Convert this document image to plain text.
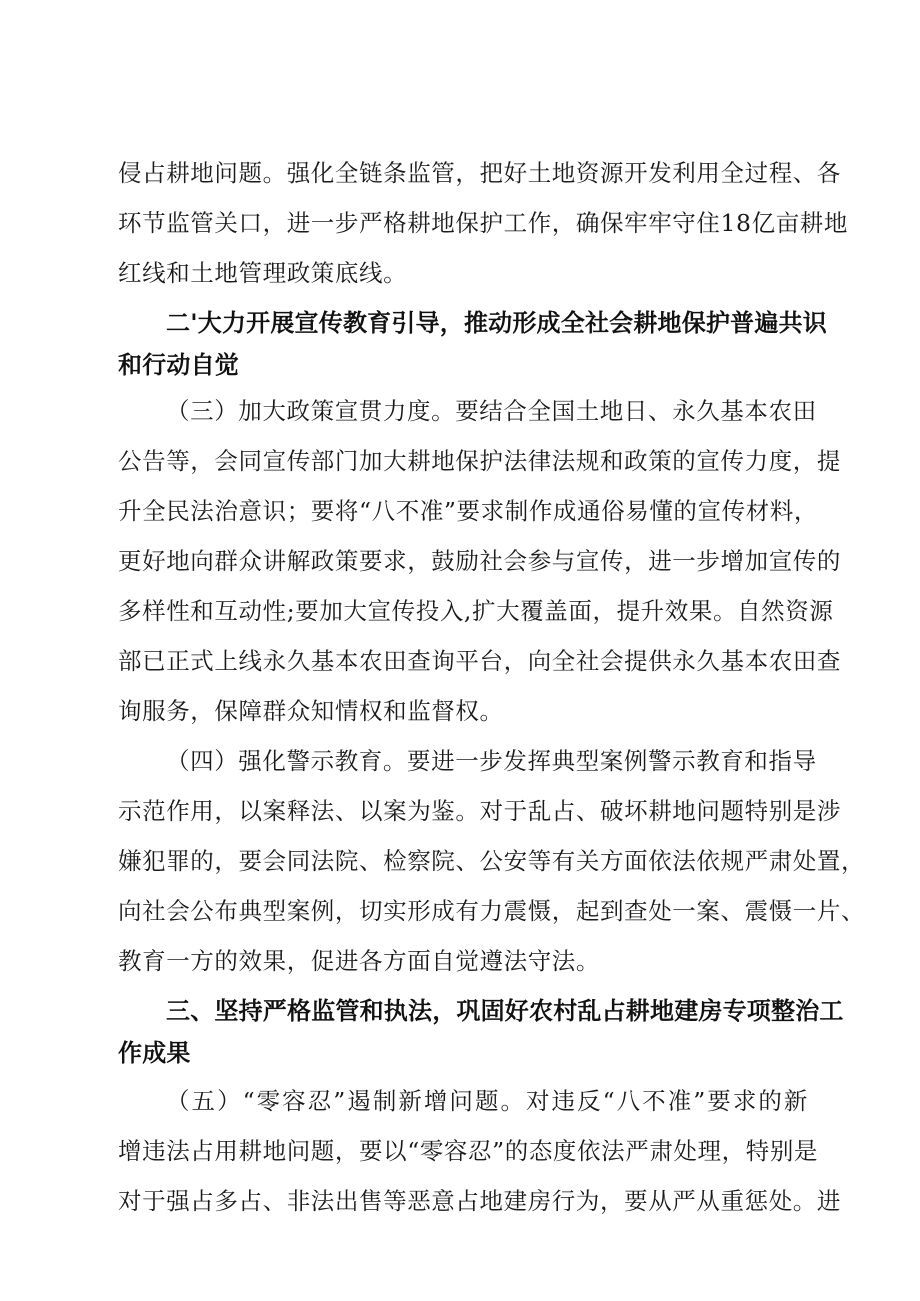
侵占耕地问题。强化全链条监管，把好土地资源开发利用全过程、各
环节监管关口，进一步严格耕地保护工作，确保牢牢守住18亿亩耕地
红线和土地管理政策底线。
二'大力开展宣传教育引导，推动形成全社会耕地保护普遍共识
和行动自觉
（三）加大政策宣贯力度。要结合全国土地日、永久基本农田
公告等，会同宣传部门加大耕地保护法律法规和政策的宣传力度，提
升全民法治意识；要将“八不准”要求制作成通俗易懂的宣传材料，
更好地向群众讲解政策要求，鼓励社会参与宣传，进一步增加宣传的
多样性和互动性;要加大宣传投入,扩大覆盖面，提升效果。自然资源
部已正式上线永久基本农田查询平台，向全社会提供永久基本农田查
询服务，保障群众知情权和监督权。
（四）强化警示教育。要进一步发挥典型案例警示教育和指导
示范作用，以案释法、以案为鉴。对于乱占、破坏耕地问题特别是涉
嫌犯罪的，要会同法院、检察院、公安等有关方面依法依规严肃处置，
向社会公布典型案例，切实形成有力震慑，起到查处一案、震慑一片、
教育一方的效果，促进各方面自觉遵法守法。
三、坚持严格监管和执法，巩固好农村乱占耕地建房专项整治工
作成果
（五）“零容忍”遏制新增问题。对违反“八不准”要求的新
增违法占用耕地问题，要以“零容忍”的态度依法严肃处理，特别是
对于强占多占、非法出售等恶意占地建房行为，要从严从重惩处。进
